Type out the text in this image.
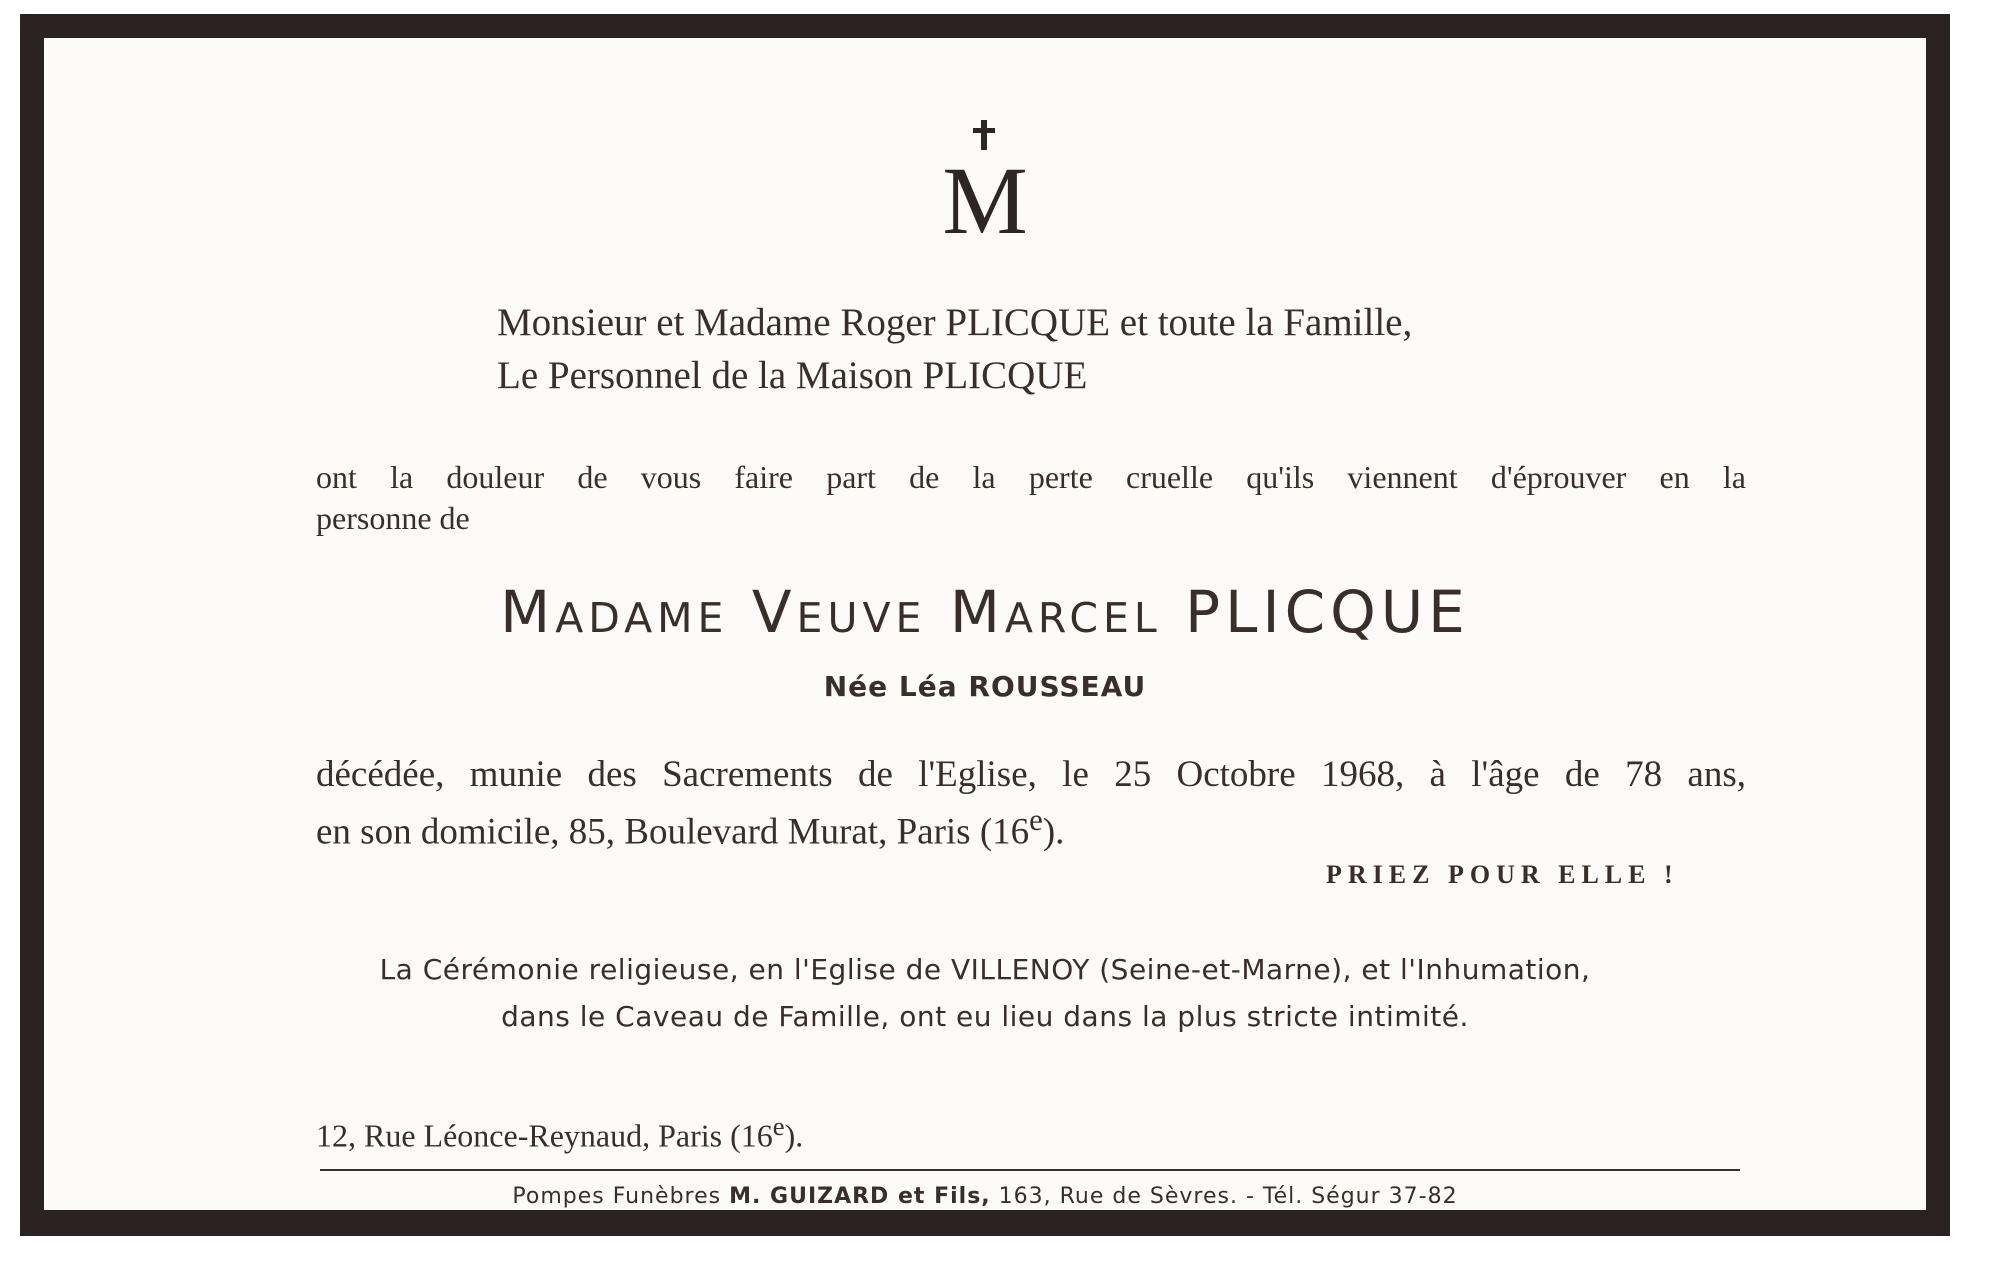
M
Monsieur et Madame Roger PLICQUE et toute la Famille,
Le Personnel de la Maison PLICQUE
ont la douleur de vous faire part de la perte cruelle qu'ils viennent d'éprouver en la
personne de
Madame Veuve Marcel PLICQUE
Née Léa ROUSSEAU
décédée, munie des Sacrements de l'Eglise, le 25 Octobre 1968, à l'âge de 78 ans,
en son domicile, 85, Boulevard Murat, Paris (16e).
PRIEZ POUR ELLE !
La Cérémonie religieuse, en l'Eglise de VILLENOY (Seine-et-Marne), et l'Inhumation,
dans le Caveau de Famille, ont eu lieu dans la plus stricte intimité.
12, Rue Léonce-Reynaud, Paris (16e).
Pompes Funèbres M. GUIZARD et Fils, 163, Rue de Sèvres. - Tél. Ségur 37-82
